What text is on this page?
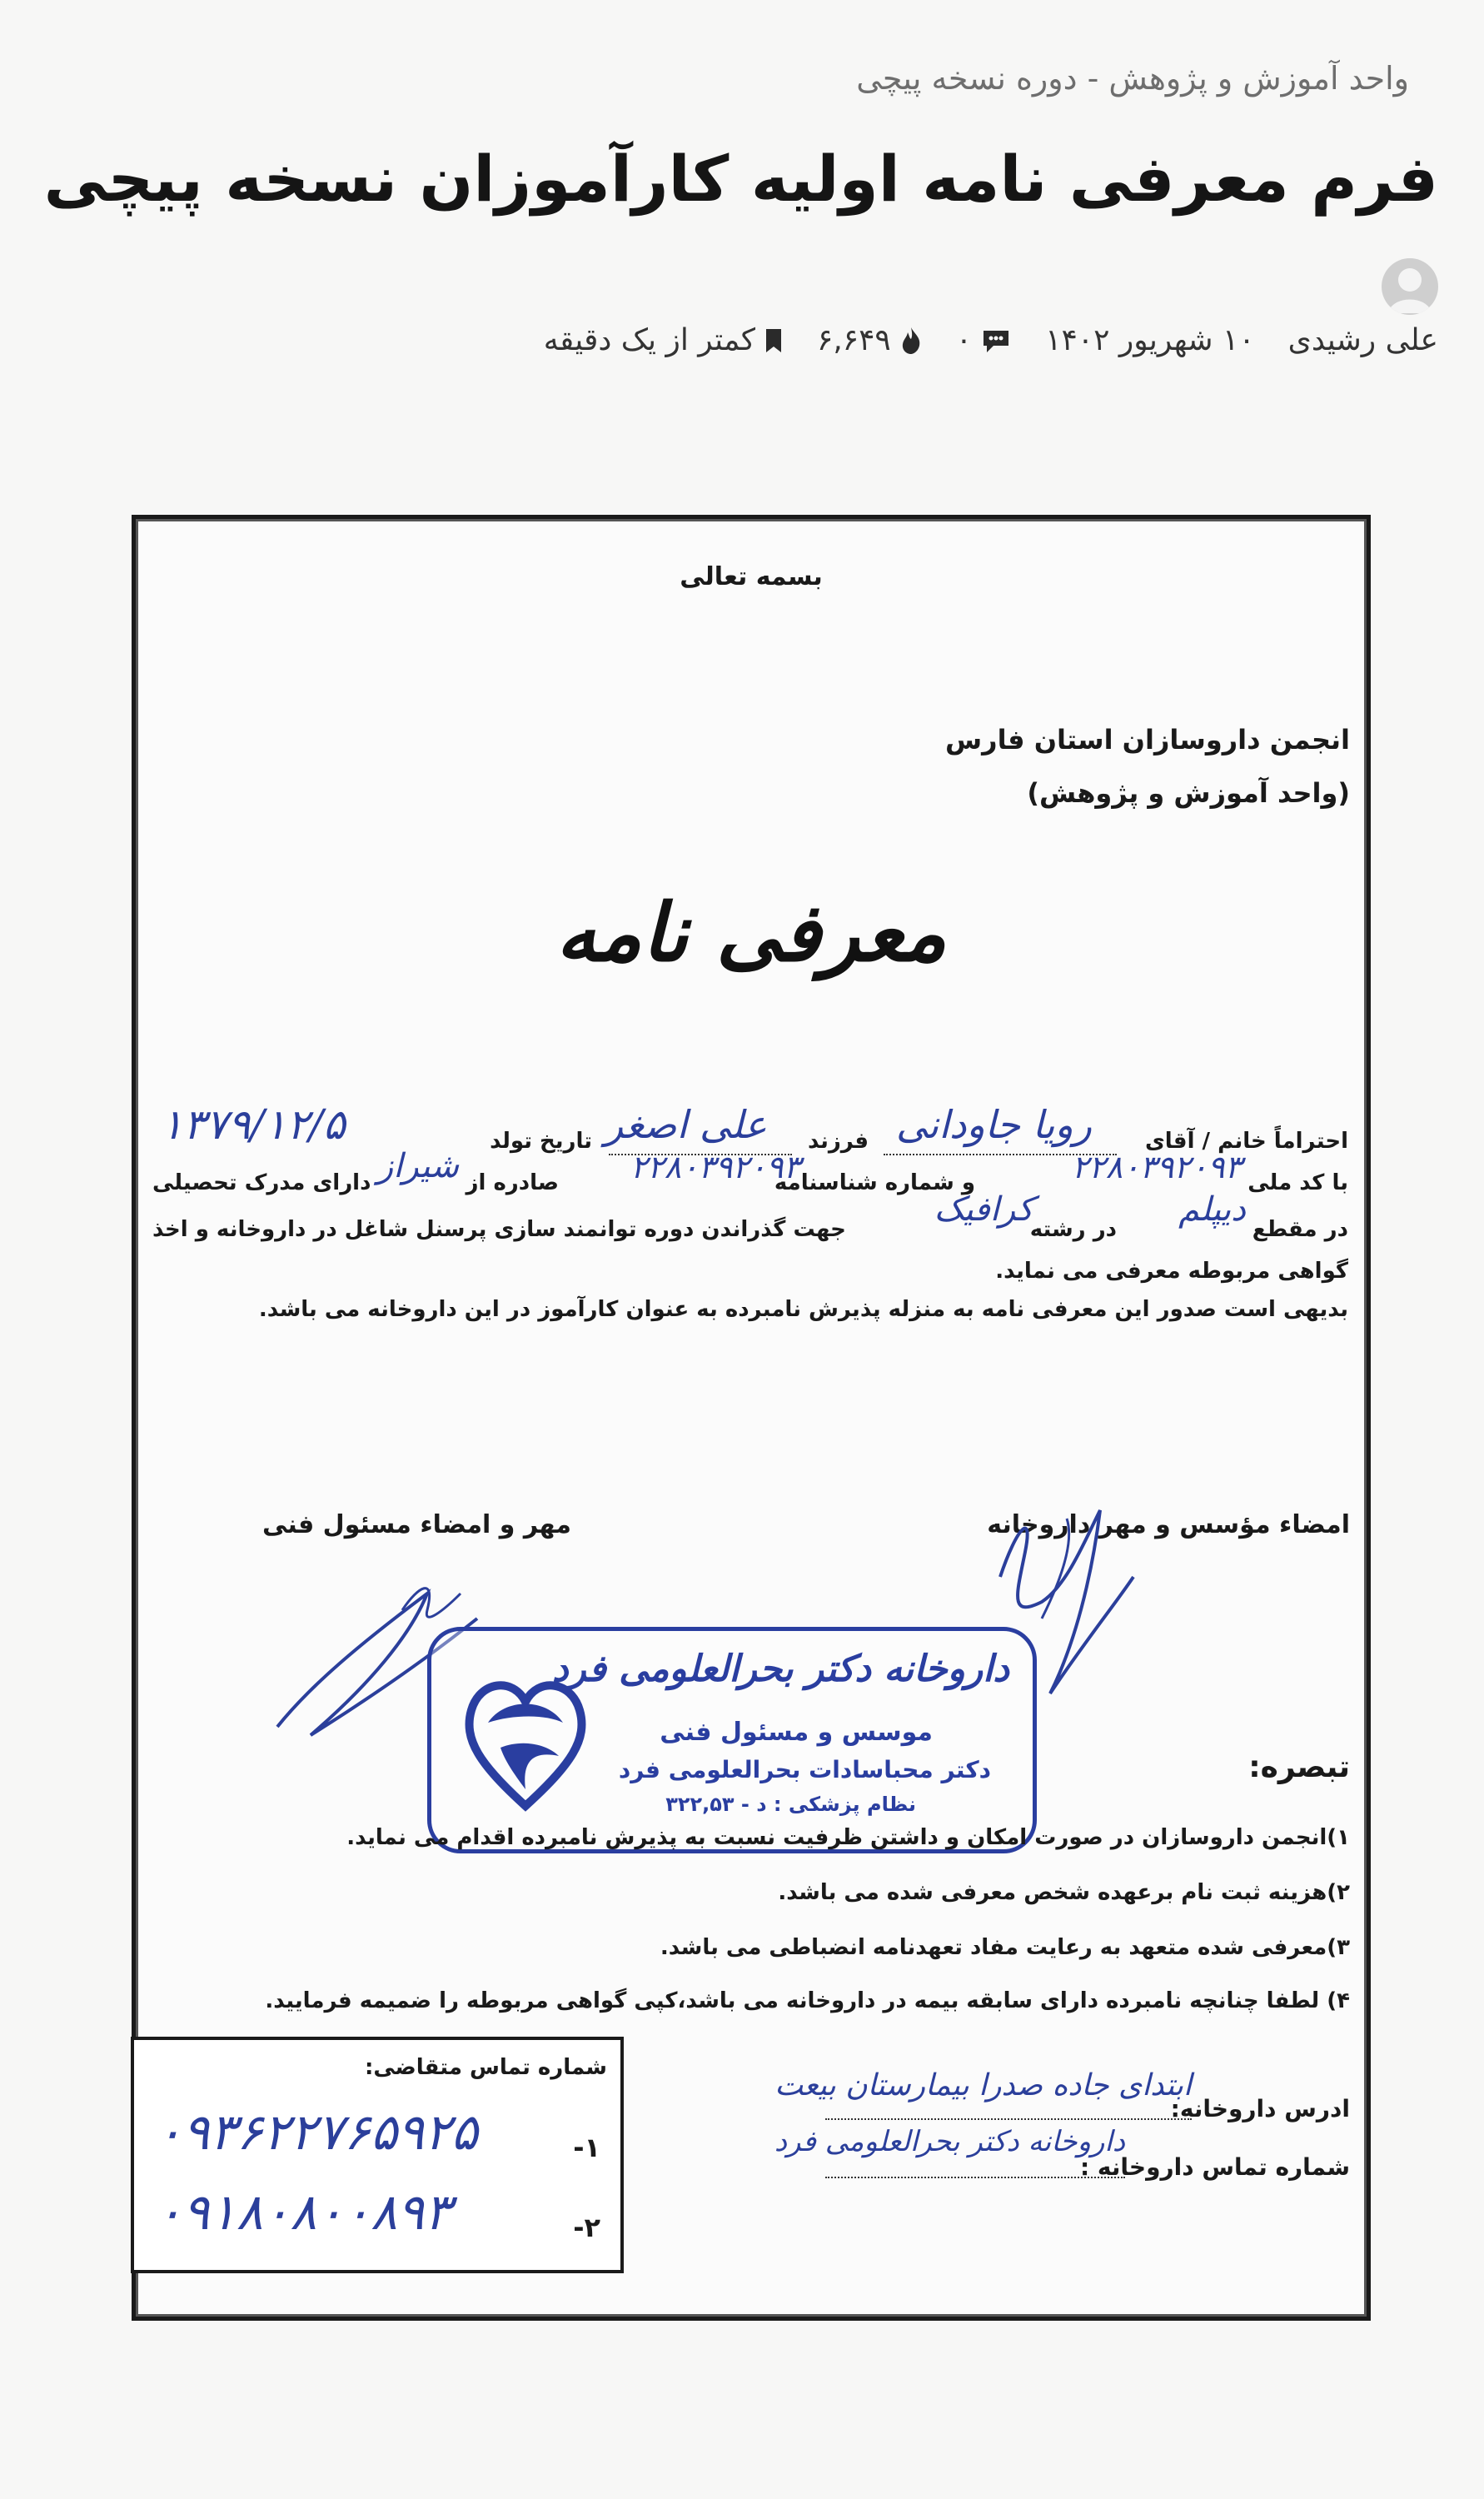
واحد آموزش و پژوهش - دوره نسخه پیچی
فرم معرفی نامه اولیه کارآموزان نسخه پیچی
علی رشیدی
۱۰ شهریور ۱۴۰۲
۰
۶,۶۴۹
کمتر از یک دقیقه
بسمه تعالی
انجمن داروسازان استان فارس
(واحد آموزش و پژوهش)
معرفی نامه
احتراماً خانم / آقای
رویا جاودانی
فرزند
علی اصغر
تاریخ تولد
۱۳۷۹/۱۲/۵
با کد ملی
۲۲۸۰۳۹۲۰۹۳
و شماره شناسنامه
۲۲۸۰۳۹۲۰۹۳
صادره از
شیراز
دارای مدرک تحصیلی
در مقطع
دیپلم
در رشته
کرافیک
جهت گذراندن دوره توانمند سازی پرسنل شاغل در داروخانه و اخذ
گواهی مربوطه معرفی می نماید.
بدیهی است صدور این معرفی نامه به منزله پذیرش نامبرده به عنوان کارآموز در این داروخانه می باشد.
امضاء مؤسس و مهر داروخانه
مهر و امضاء مسئول فنی
داروخانه دکتر بحرالعلومی فرد
موسس و مسئول فنی
دکتر محباسادات بحرالعلومی فرد
نظام پزشکی : د - ۳۲۲,۵۳
تبصره:
۱)انجمن داروسازان در صورت امکان و داشتن ظرفیت نسبت به پذیرش نامبرده اقدام می نماید.
۲)هزینه ثبت نام برعهده شخص معرفی شده می باشد.
۳)معرفی شده متعهد به رعایت مفاد تعهدنامه انضباطی می باشد.
۴) لطفا چنانچه نامبرده دارای سابقه بیمه در داروخانه می باشد،کپی گواهی مربوطه را ضمیمه فرمایید.
ادرس داروخانه:
ابتدای جاده صدرا بیمارستان بیعت
شماره تماس داروخانه :
داروخانه دکتر بحرالعلومی فرد
شماره تماس متقاضی:
۱-
۰۹۳۶۲۲۷۶۵۹۲۵
۲-
۰۹۱۸۰۸۰۰۸۹۳
